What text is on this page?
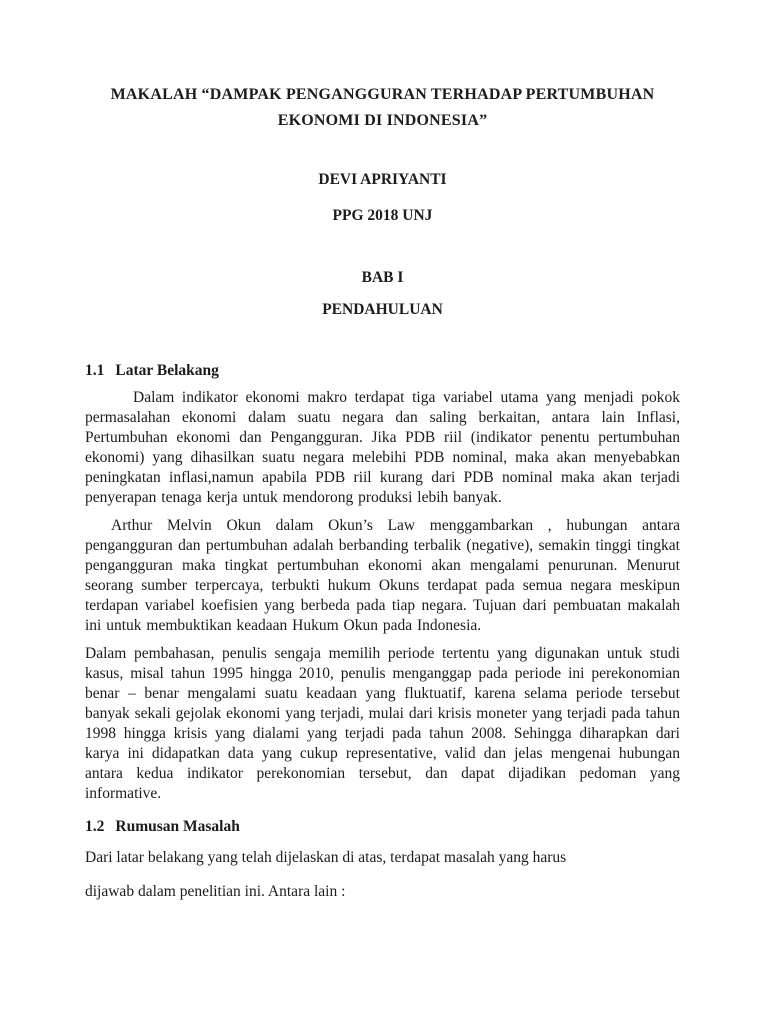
MAKALAH “DAMPAK PENGANGGURAN TERHADAP PERTUMBUHAN EKONOMI DI INDONESIA”

DEVI APRIYANTI

PPG 2018 UNJ

BAB I

PENDAHULUAN

1.1 Latar Belakang

Dalam indikator ekonomi makro terdapat tiga variabel utama yang menjadi pokok permasalahan ekonomi dalam suatu negara dan saling berkaitan, antara lain Inflasi, Pertumbuhan ekonomi dan Pengangguran. Jika PDB riil (indikator penentu pertumbuhan ekonomi) yang dihasilkan suatu negara melebihi PDB nominal, maka akan menyebabkan peningkatan inflasi,namun apabila PDB riil kurang dari PDB nominal maka akan terjadi penyerapan tenaga kerja untuk mendorong produksi lebih banyak.

Arthur Melvin Okun dalam Okun’s Law menggambarkan , hubungan antara pengangguran dan pertumbuhan adalah berbanding terbalik (negative), semakin tinggi tingkat pengangguran maka tingkat pertumbuhan ekonomi akan mengalami penurunan. Menurut seorang sumber terpercaya, terbukti hukum Okuns terdapat pada semua negara meskipun terdapan variabel koefisien yang berbeda pada tiap negara. Tujuan dari pembuatan makalah ini untuk membuktikan keadaan Hukum Okun pada Indonesia.

Dalam pembahasan, penulis sengaja memilih periode tertentu yang digunakan untuk studi kasus, misal tahun 1995 hingga 2010, penulis menganggap pada periode ini perekonomian benar – benar mengalami suatu keadaan yang fluktuatif, karena selama periode tersebut banyak sekali gejolak ekonomi yang terjadi, mulai dari krisis moneter yang terjadi pada tahun 1998 hingga krisis yang dialami yang terjadi pada tahun 2008. Sehingga diharapkan dari karya ini didapatkan data yang cukup representative, valid dan jelas mengenai hubungan antara kedua indikator perekonomian tersebut, dan dapat dijadikan pedoman yang informative.

1.2 Rumusan Masalah

Dari latar belakang yang telah dijelaskan di atas, terdapat masalah yang harus

dijawab dalam penelitian ini. Antara lain :
